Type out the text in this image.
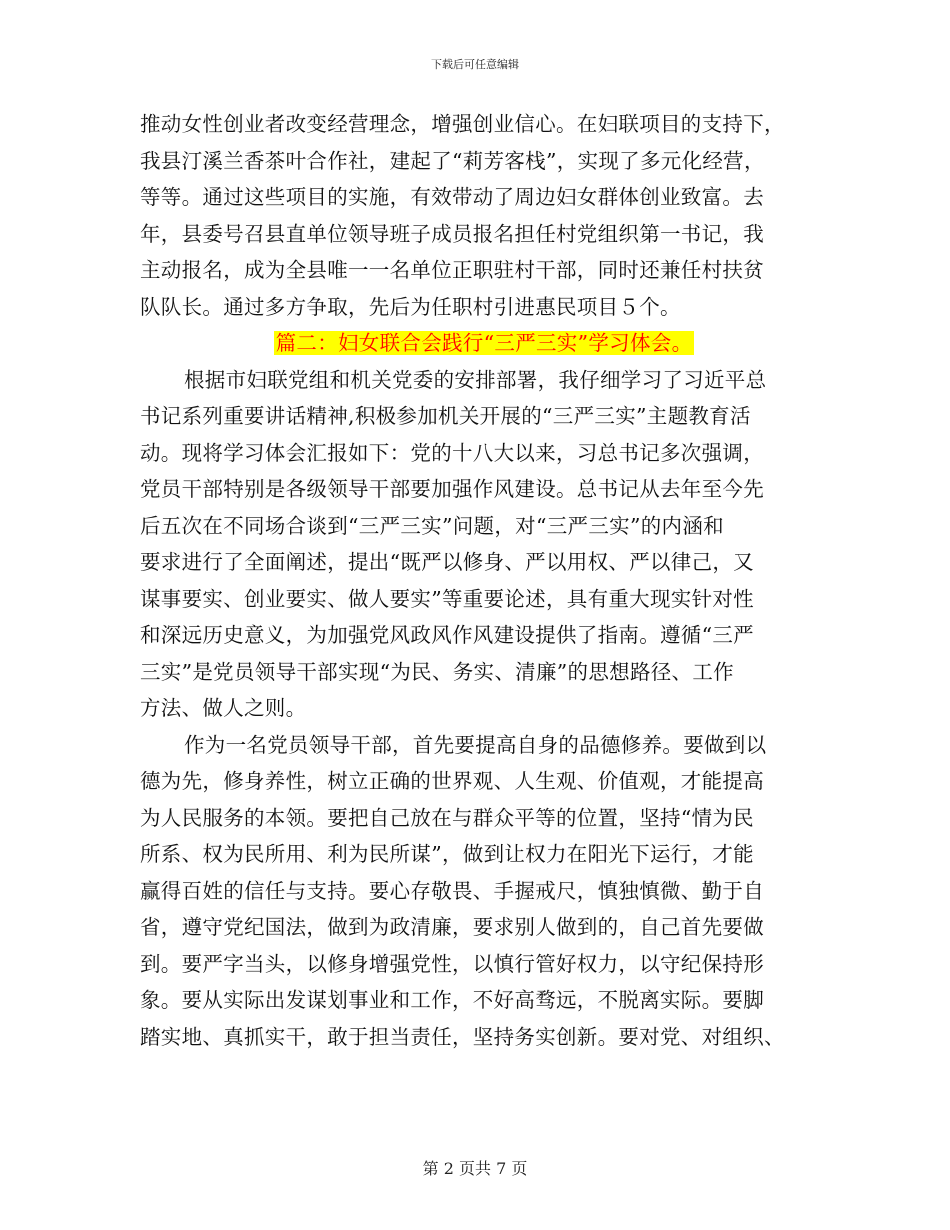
下载后可任意编辑
推动女性创业者改变经营理念，增强创业信心。在妇联项目的支持下，
我县汀溪兰香茶叶合作社，建起了“莉芳客栈”，实现了多元化经营，
等等。通过这些项目的实施，有效带动了周边妇女群体创业致富。去
年，县委号召县直单位领导班子成员报名担任村党组织第一书记，我
主动报名，成为全县唯一一名单位正职驻村干部，同时还兼任村扶贫
队队长。通过多方争取，先后为任职村引进惠民项目５个。
篇二：妇女联合会践行“三严三实”学习体会。
根据市妇联党组和机关党委的安排部署，我仔细学习了习近平总
书记系列重要讲话精神,积极参加机关开展的“三严三实”主题教育活
动。现将学习体会汇报如下：党的十八大以来，习总书记多次强调，
党员干部特别是各级领导干部要加强作风建设。总书记从去年至今先
后五次在不同场合谈到“三严三实”问题，对“三严三实”的内涵和
要求进行了全面阐述，提出“既严以修身、严以用权、严以律己，又
谋事要实、创业要实、做人要实”等重要论述，具有重大现实针对性
和深远历史意义，为加强党风政风作风建设提供了指南。遵循“三严
三实”是党员领导干部实现“为民、务实、清廉”的思想路径、工作
方法、做人之则。
作为一名党员领导干部，首先要提高自身的品德修养。要做到以
德为先，修身养性，树立正确的世界观、人生观、价值观，才能提高
为人民服务的本领。要把自己放在与群众平等的位置，坚持“情为民
所系、权为民所用、利为民所谋”，做到让权力在阳光下运行，才能
赢得百姓的信任与支持。要心存敬畏、手握戒尺，慎独慎微、勤于自
省，遵守党纪国法，做到为政清廉，要求别人做到的，自己首先要做
到。要严字当头，以修身增强党性，以慎行管好权力，以守纪保持形
象。要从实际出发谋划事业和工作，不好高骛远，不脱离实际。要脚
踏实地、真抓实干，敢于担当责任，坚持务实创新。要对党、对组织、
第 2 页共 7 页
